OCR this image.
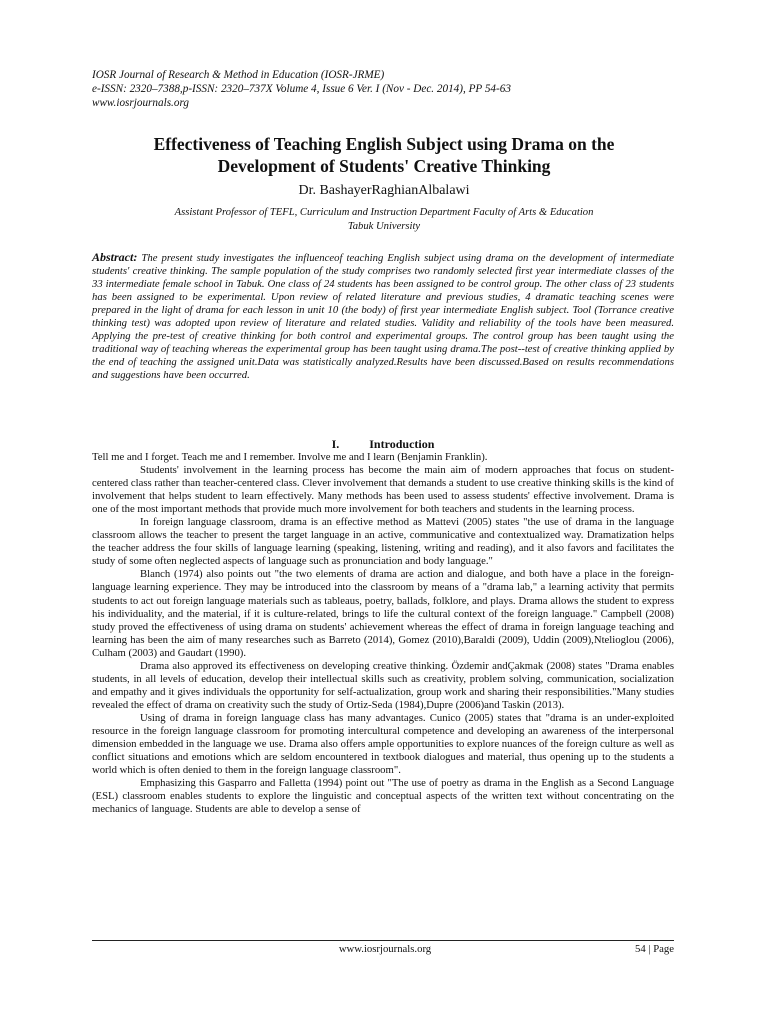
IOSR Journal of Research & Method in Education (IOSR-JRME)
e-ISSN: 2320–7388,p-ISSN: 2320–737X Volume 4, Issue 6 Ver. I (Nov - Dec. 2014), PP 54-63
www.iosrjournals.org
Effectiveness of Teaching English Subject using Drama on the
Development of Students' Creative Thinking
Dr. BashayerRaghianAlbalawi
Assistant Professor of TEFL, Curriculum and Instruction Department Faculty of Arts & Education
Tabuk University
Abstract: The present study investigates the influenceof teaching English subject using drama on the development of intermediate students' creative thinking. The sample population of the study comprises two randomly selected first year intermediate classes of the 33 intermediate female school in Tabuk. One class of 24 students has been assigned to be control group. The other class of 23 students has been assigned to be experimental. Upon review of related literature and previous studies, 4 dramatic teaching scenes were prepared in the light of drama for each lesson in unit 10 (the body) of first year intermediate English subject. Tool (Torrance creative thinking test) was adopted upon review of literature and related studies. Validity and reliability of the tools have been measured. Applying the pre-test of creative thinking for both control and experimental groups. The control group has been taught using the traditional way of teaching whereas the experimental group has been taught using drama.The post--test of creative thinking applied by the end of teaching the assigned unit.Data was statistically analyzed.Results have been discussed.Based on results recommendations and suggestions have been occurred.
I.	Introduction

Tell me and I forget. Teach me and I remember. Involve me and I learn (Benjamin Franklin).

Students' involvement in the learning process has become the main aim of modern approaches that focus on student-centered class rather than teacher-centered class. Clever involvement that demands a student to use creative thinking skills is the kind of involvement that helps student to learn effectively. Many methods has been used to assess students' effective involvement. Drama is one of the most important methods that provide much more involvement for both teachers and students in the learning process.

In foreign language classroom, drama is an effective method as Mattevi (2005) states "the use of drama in the language classroom allows the teacher to present the target language in an active, communicative and contextualized way. Dramatization helps the teacher address the four skills of language learning (speaking, listening, writing and reading), and it also favors and facilitates the study of some often neglected aspects of language such as pronunciation and body language."

Blanch (1974) also points out "the two elements of drama are action and dialogue, and both have a place in the foreign-language learning experience. They may be introduced into the classroom by means of a "drama lab," a learning activity that permits students to act out foreign language materials such as tableaus, poetry, ballads, folklore, and plays. Drama allows the student to express his individuality, and the material, if it is culture-related, brings to life the cultural context of the foreign language." Campbell (2008) study proved the effectiveness of using drama on students' achievement whereas the effect of drama in foreign language teaching and learning has been the aim of many researches such as Barreto (2014), Gomez (2010),Baraldi (2009), Uddin (2009),Ntelioglou (2006), Culham (2003) and Gaudart (1990).

Drama also approved its effectiveness on developing creative thinking. Özdemir andÇakmak (2008) states "Drama enables students, in all levels of education, develop their intellectual skills such as creativity, problem solving, communication, socialization and empathy and it gives individuals the opportunity for self-actualization, group work and sharing their responsibilities."Many studies revealed the effect of drama on creativity such the study of Ortiz-Seda (1984),Dupre (2006)and Taskin (2013).

Using of drama in foreign language class has many advantages. Cunico (2005) states that "drama is an under-exploited resource in the foreign language classroom for promoting intercultural competence and developing an awareness of the interpersonal dimension embedded in the language we use. Drama also offers ample opportunities to explore nuances of the foreign culture as well as conflict situations and emotions which are seldom encountered in textbook dialogues and material, thus opening up to the students a world which is often denied to them in the foreign language classroom".

Emphasizing this Gasparro and Falletta (1994) point out "The use of poetry as drama in the English as a Second Language (ESL) classroom enables students to explore the linguistic and conceptual aspects of the written text without concentrating on the mechanics of language. Students are able to develop a sense of

www.iosrjournals.org	54 | Page
